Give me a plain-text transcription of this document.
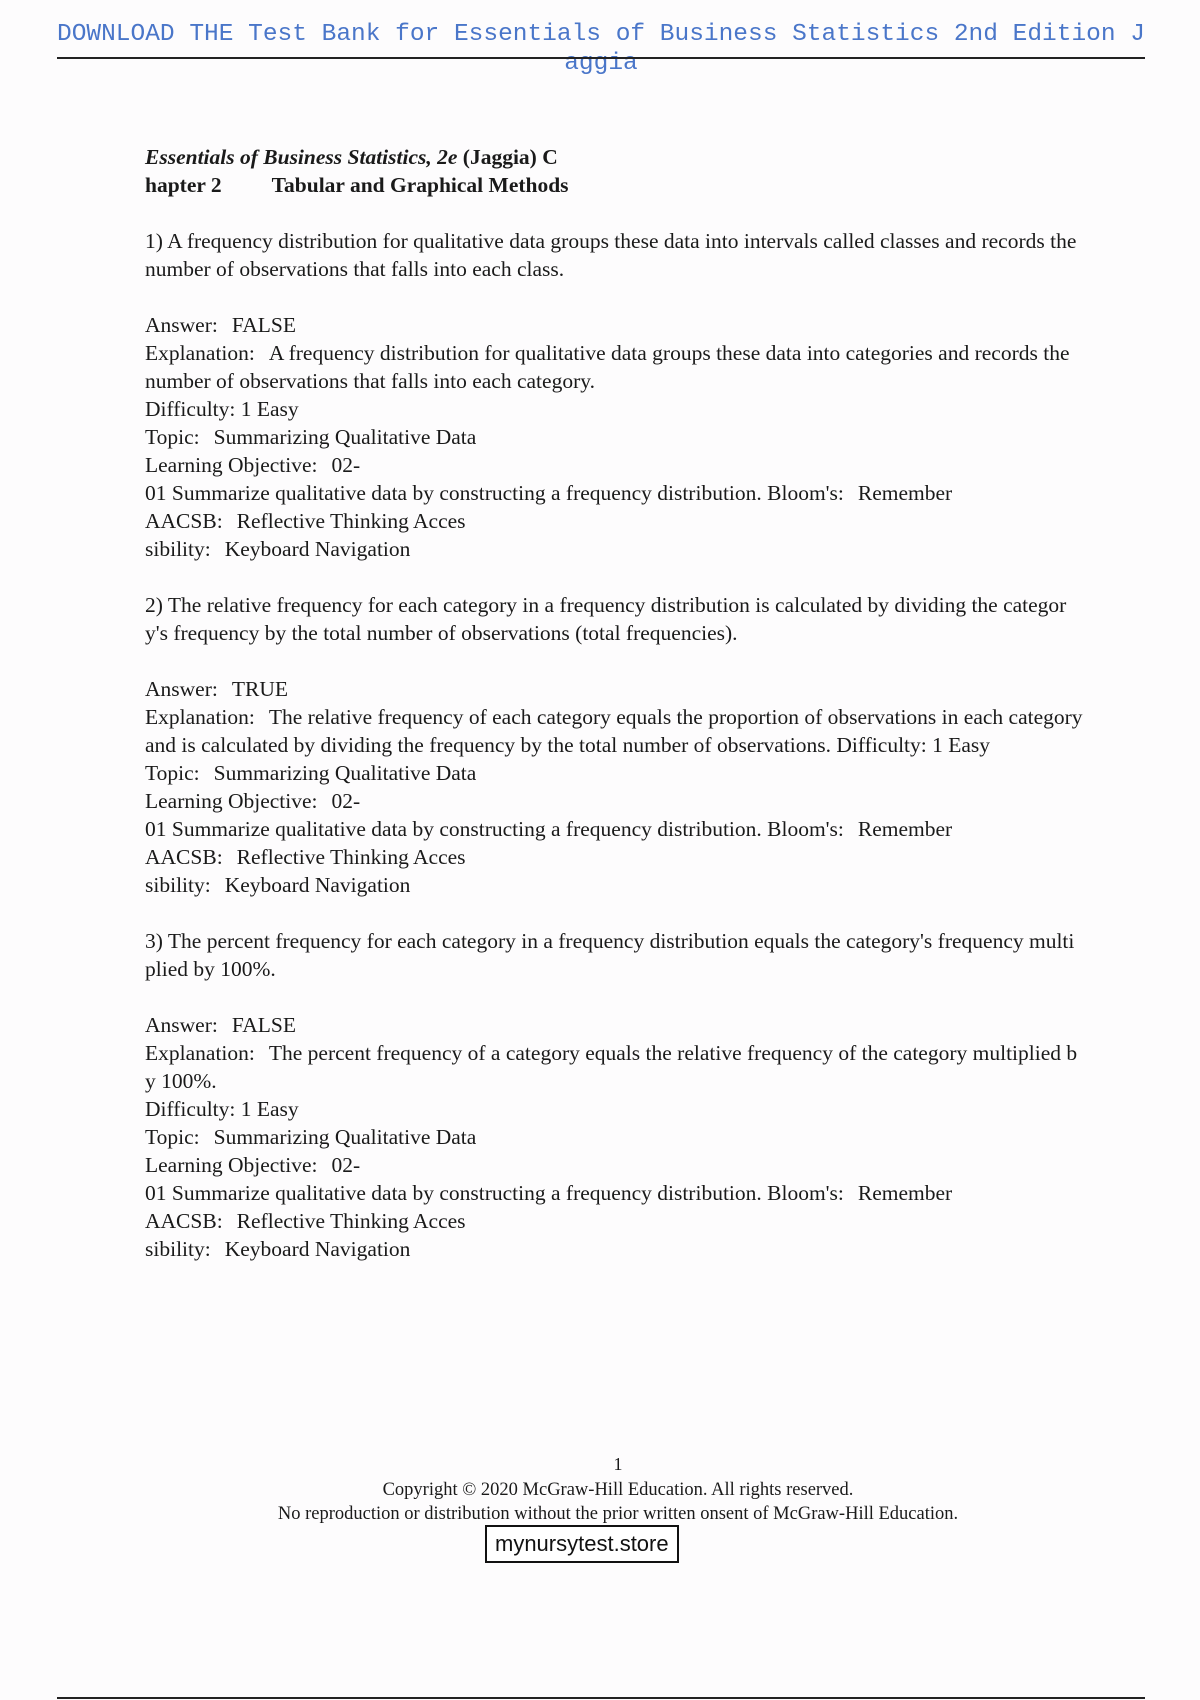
DOWNLOAD THE Test Bank for Essentials of Business Statistics 2nd Edition Jaggia
Essentials of Business Statistics, 2e (Jaggia) C
hapter 2 Tabular and Graphical Methods
1) A frequency distribution for qualitative data groups these data into intervals called classes and records the number of observations that falls into each class.
Answer: FALSE
Explanation: A frequency distribution for qualitative data groups these data into categories and records the number of observations that falls into each category.
Difficulty: 1 Easy
Topic: Summarizing Qualitative Data
Learning Objective: 02-
01 Summarize qualitative data by constructing a frequency distribution. Bloom's: Remember
AACSB: Reflective Thinking Acces
sibility: Keyboard Navigation
2) The relative frequency for each category in a frequency distribution is calculated by dividing the category's frequency by the total number of observations (total frequencies).
Answer: TRUE
Explanation: The relative frequency of each category equals the proportion of observations in each category and is calculated by dividing the frequency by the total number of observations. Difficulty: 1 Easy
Topic: Summarizing Qualitative Data
Learning Objective: 02-
01 Summarize qualitative data by constructing a frequency distribution. Bloom's: Remember
AACSB: Reflective Thinking Acces
sibility: Keyboard Navigation
3) The percent frequency for each category in a frequency distribution equals the category's frequency multiplied by 100%.
Answer: FALSE
Explanation: The percent frequency of a category equals the relative frequency of the category multiplied by 100%.
Difficulty: 1 Easy
Topic: Summarizing Qualitative Data
Learning Objective: 02-
01 Summarize qualitative data by constructing a frequency distribution. Bloom's: Remember
AACSB: Reflective Thinking Acces
sibility: Keyboard Navigation
1
Copyright © 2020 McGraw-Hill Education. All rights reserved.
No reproduction or distribution without the prior written onsent of McGraw-Hill Education.
mynursytest.store
